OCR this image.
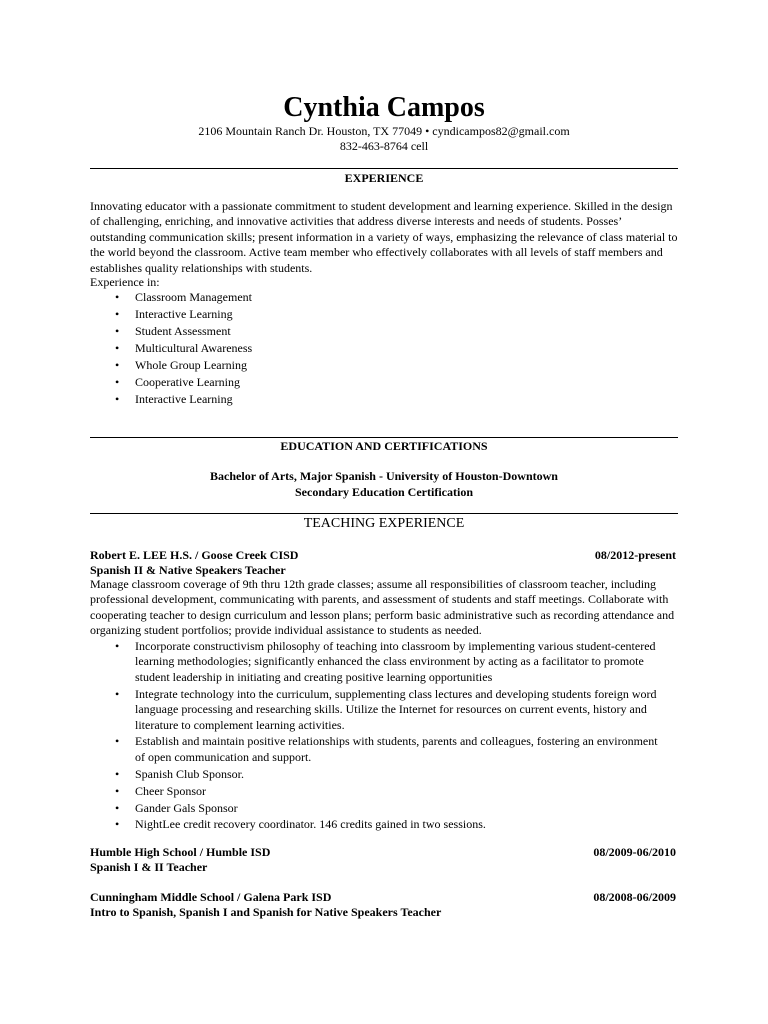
Cynthia Campos
2106 Mountain Ranch Dr. Houston, TX 77049 • cyndicampos82@gmail.com
832-463-8764 cell
EXPERIENCE

Innovating educator with a passionate commitment to student development and learning experience. Skilled in the design of challenging, enriching, and innovative activities that address diverse interests and needs of students. Posses’ outstanding communication skills; present information in a variety of ways, emphasizing the relevance of class material to the world beyond the classroom. Active team member who effectively collaborates with all levels of staff members and establishes quality relationships with students.

Experience in:
• Classroom Management
• Interactive Learning
• Student Assessment
• Multicultural Awareness
• Whole Group Learning
• Cooperative Learning
• Interactive Learning
EDUCATION AND CERTIFICATIONS
Bachelor of Arts, Major Spanish - University of Houston-Downtown
Secondary Education Certification
TEACHING EXPERIENCE
Robert E. LEE H.S. / Goose Creek CISD	08/2012-present
Spanish II & Native Speakers Teacher

Manage classroom coverage of 9th thru 12th grade classes; assume all responsibilities of classroom teacher, including professional development, communicating with parents, and assessment of students and staff meetings. Collaborate with cooperating teacher to design curriculum and lesson plans; perform basic administrative such as recording attendance and organizing student portfolios; provide individual assistance to students as needed.

• Incorporate constructivism philosophy of teaching into classroom by implementing various student-centered learning methodologies; significantly enhanced the class environment by acting as a facilitator to promote student leadership in initiating and creating positive learning opportunities
• Integrate technology into the curriculum, supplementing class lectures and developing students foreign word language processing and researching skills. Utilize the Internet for resources on current events, history and literature to complement learning activities.
• Establish and maintain positive relationships with students, parents and colleagues, fostering an environment of open communication and support.
• Spanish Club Sponsor.
• Cheer Sponsor
• Gander Gals Sponsor
• NightLee credit recovery coordinator. 146 credits gained in two sessions.
Humble High School / Humble ISD	08/2009-06/2010
Spanish I & II Teacher
Cunningham Middle School / Galena Park ISD	08/2008-06/2009
Intro to Spanish, Spanish I and Spanish for Native Speakers Teacher
